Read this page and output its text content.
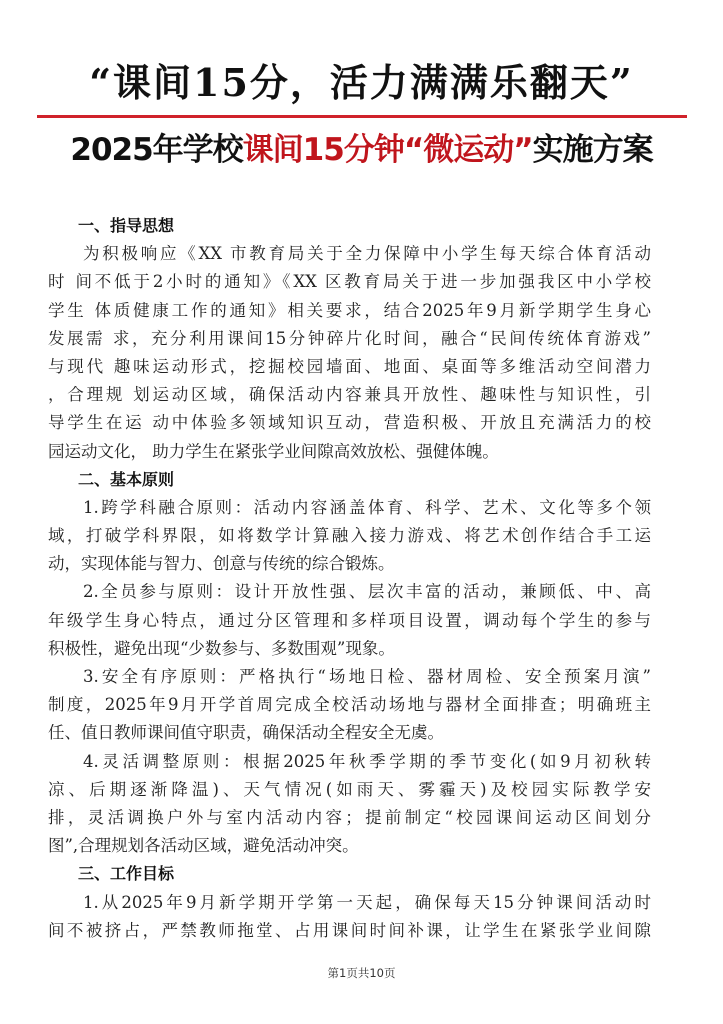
“课间15分，活力满满乐翻天”
2025年学校课间15分钟“微运动”实施方案
一、指导思想
为积极响应《XX 市教育局关于全力保障中小学生每天综合体育活动
时 间不低于2小时的通知》《XX 区教育局关于进一步加强我区中小学校
学生 体质健康工作的通知》相关要求，结合2025年9月新学期学生身心
发展需 求，充分利用课间15分钟碎片化时间，融合“民间传统体育游戏”
与现代 趣味运动形式，挖掘校园墙面、地面、桌面等多维活动空间潜力
，合理规 划运动区域，确保活动内容兼具开放性、趣味性与知识性，引
导学生在运 动中体验多领域知识互动，营造积极、开放且充满活力的校
园运动文化， 助力学生在紧张学业间隙高效放松、强健体魄。
二、基本原则
1.跨学科融合原则：活动内容涵盖体育、科学、艺术、文化等多个领
域，打破学科界限，如将数学计算融入接力游戏、将艺术创作结合手工运
动，实现体能与智力、创意与传统的综合锻炼。
2.全员参与原则：设计开放性强、层次丰富的活动，兼顾低、中、高
年级学生身心特点，通过分区管理和多样项目设置，调动每个学生的参与
积极性，避免出现“少数参与、多数围观”现象。
3.安全有序原则：严格执行“场地日检、器材周检、安全预案月演”
制度，2025年9月开学首周完成全校活动场地与器材全面排查；明确班主
任、值日教师课间值守职责，确保活动全程安全无虞。
4.灵活调整原则：根据2025年秋季学期的季节变化(如9月初秋转
凉、后期逐渐降温)、天气情况(如雨天、雾霾天)及校园实际教学安
排，灵活调换户外与室内活动内容；提前制定“校园课间运动区间划分
图”,合理规划各活动区域，避免活动冲突。
三、工作目标
1.从2025年9月新学期开学第一天起，确保每天15分钟课间活动时
间不被挤占，严禁教师拖堂、占用课间时间补课，让学生在紧张学业间隙
第1页共10页
